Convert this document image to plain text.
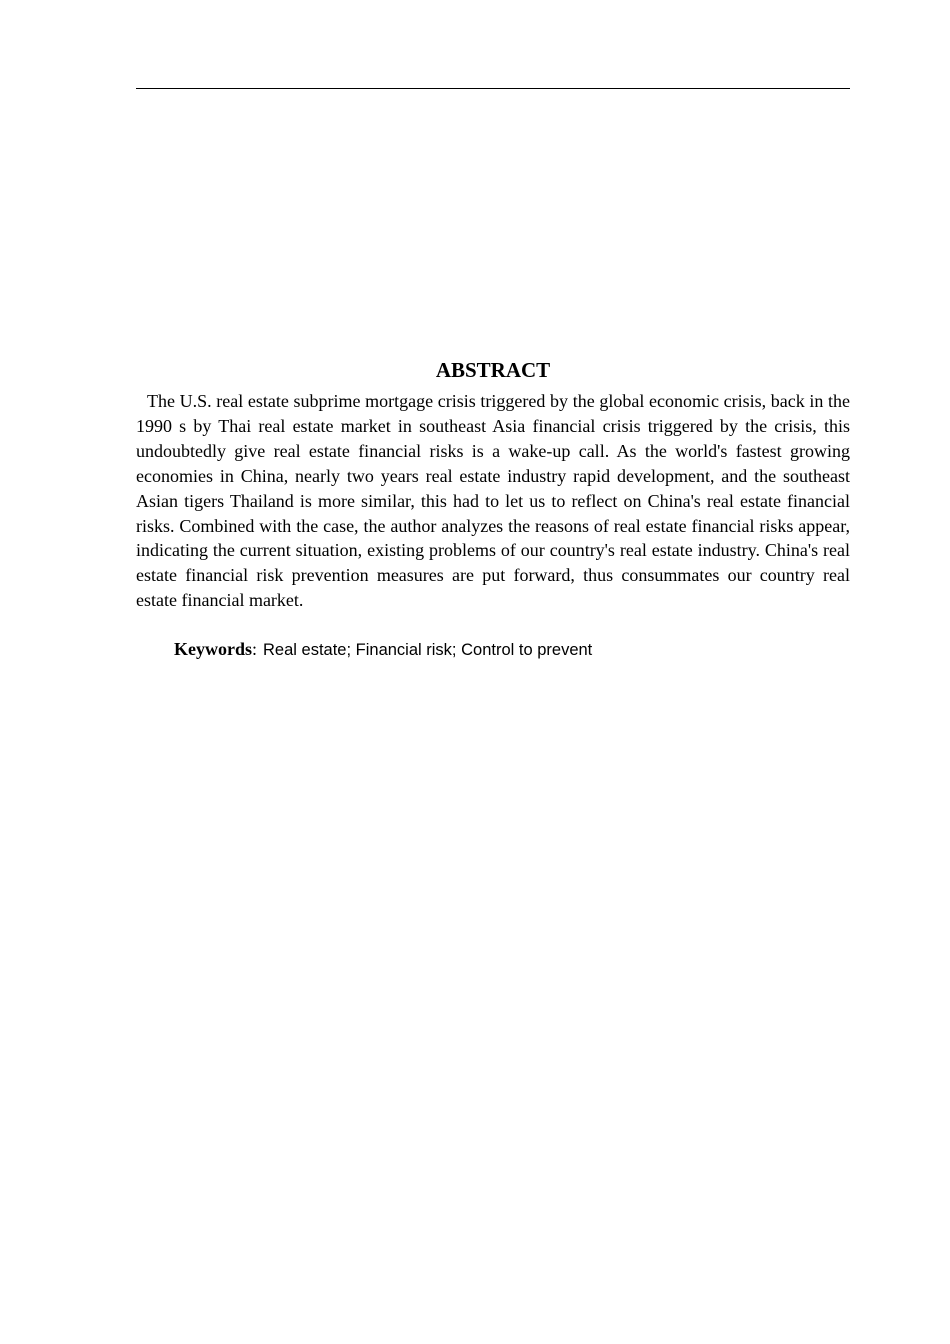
ABSTRACT

The U.S. real estate subprime mortgage crisis triggered by the global economic crisis, back in the 1990 s by Thai real estate market in southeast Asia financial crisis triggered by the crisis, this undoubtedly give real estate financial risks is a wake-up call. As the world's fastest growing economies in China, nearly two years real estate industry rapid development, and the southeast Asian tigers Thailand is more similar, this had to let us to reflect on China's real estate financial risks. Combined with the case, the author analyzes the reasons of real estate financial risks appear, indicating the current situation, existing problems of our country's real estate industry. China's real estate financial risk prevention measures are put forward, thus consummates our country real estate financial market.

Keywords: Real estate; Financial risk; Control to prevent
